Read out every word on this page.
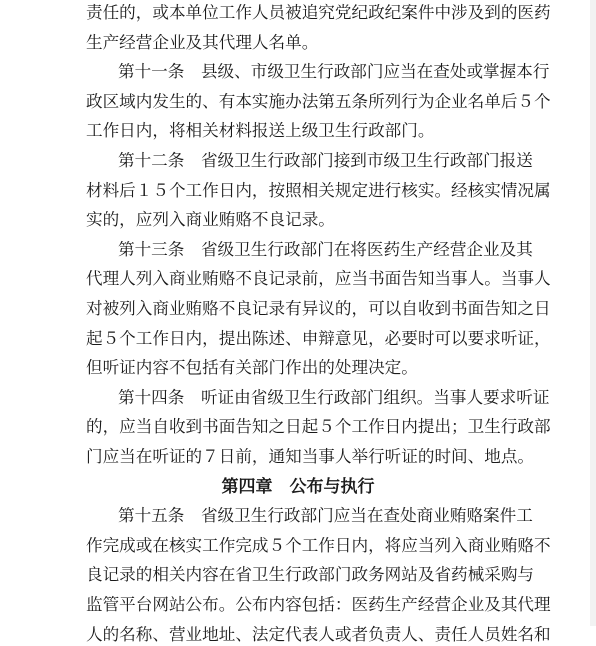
责任的，或本单位工作人员被追究党纪政纪案件中涉及到的医药
生产经营企业及其代理人名单。
第十一条　县级、市级卫生行政部门应当在查处或掌握本行
政区域内发生的、有本实施办法第五条所列行为企业名单后５个
工作日内，将相关材料报送上级卫生行政部门。
第十二条　省级卫生行政部门接到市级卫生行政部门报送
材料后１５个工作日内，按照相关规定进行核实。经核实情况属
实的，应列入商业贿赂不良记录。
第十三条　省级卫生行政部门在将医药生产经营企业及其
代理人列入商业贿赂不良记录前，应当书面告知当事人。当事人
对被列入商业贿赂不良记录有异议的，可以自收到书面告知之日
起５个工作日内，提出陈述、申辩意见，必要时可以要求听证，
但听证内容不包括有关部门作出的处理决定。
第十四条　听证由省级卫生行政部门组织。当事人要求听证
的，应当自收到书面告知之日起５个工作日内提出；卫生行政部
门应当在听证的７日前，通知当事人举行听证的时间、地点。
第四章　公布与执行
第十五条　省级卫生行政部门应当在查处商业贿赂案件工
作完成或在核实工作完成５个工作日内，将应当列入商业贿赂不
良记录的相关内容在省卫生行政部门政务网站及省药械采购与
监管平台网站公布。公布内容包括：医药生产经营企业及其代理
人的名称、营业地址、法定代表人或者负责人、责任人员姓名和
